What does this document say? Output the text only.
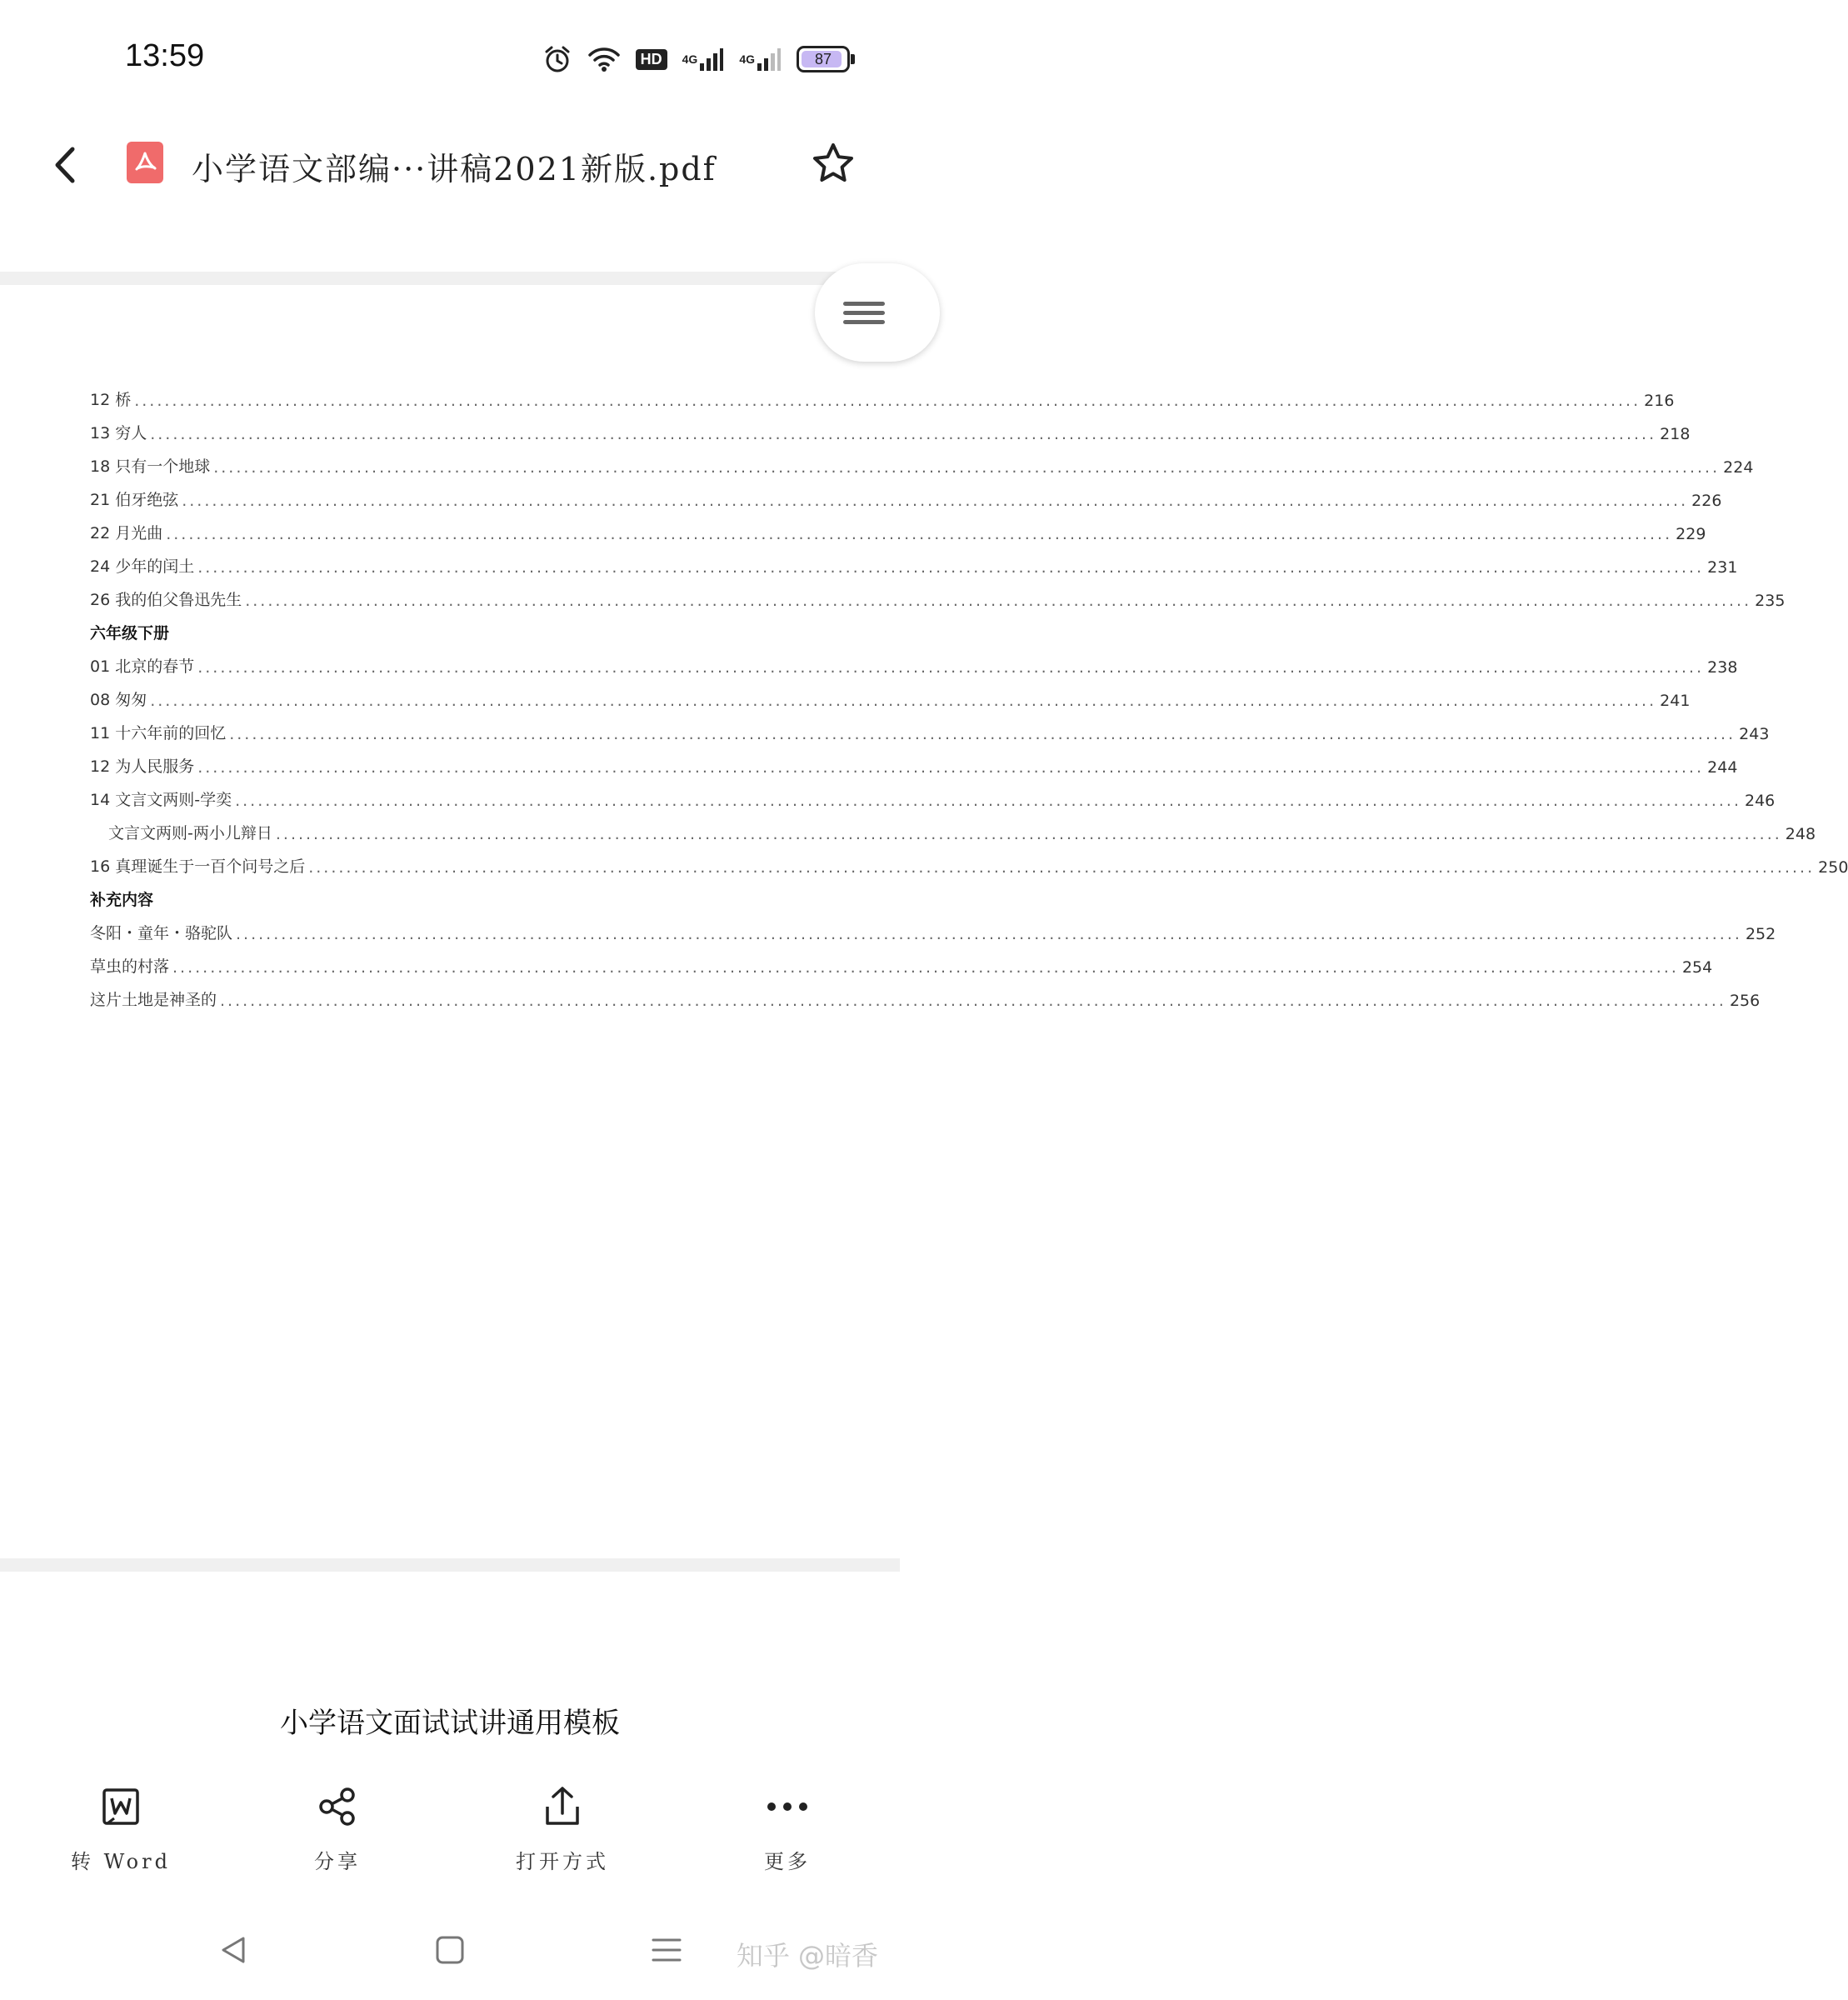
13:59	HD	4G	4G	87
小学语文部编···讲稿2021新版.pdf
12 桥 ........................................................................................................................................................................................................ 216
13 穷人 ........................................................................................................................................................................................................ 218
18 只有一个地球 ........................................................................................................................................................................................................ 224
21 伯牙绝弦 ........................................................................................................................................................................................................ 226
22 月光曲 ........................................................................................................................................................................................................ 229
24 少年的闰土 ........................................................................................................................................................................................................ 231
26 我的伯父鲁迅先生 ........................................................................................................................................................................................................ 235
六年级下册
01 北京的春节 ........................................................................................................................................................................................................ 238
08 匆匆 ........................................................................................................................................................................................................ 241
11 十六年前的回忆 ........................................................................................................................................................................................................ 243
12 为人民服务 ........................................................................................................................................................................................................ 244
14 文言文两则-学奕 ........................................................................................................................................................................................................ 246
文言文两则-两小儿辩日 ........................................................................................................................................................................................................ 248
16 真理诞生于一百个问号之后 ........................................................................................................................................................................................................ 250
补充内容
冬阳・童年・骆驼队 ........................................................................................................................................................................................................ 252
草虫的村落 ........................................................................................................................................................................................................ 254
这片土地是神圣的 ........................................................................................................................................................................................................ 256
小学语文面试试讲通用模板
转 Word	分享	打开方式	更多
知乎 @暗香
